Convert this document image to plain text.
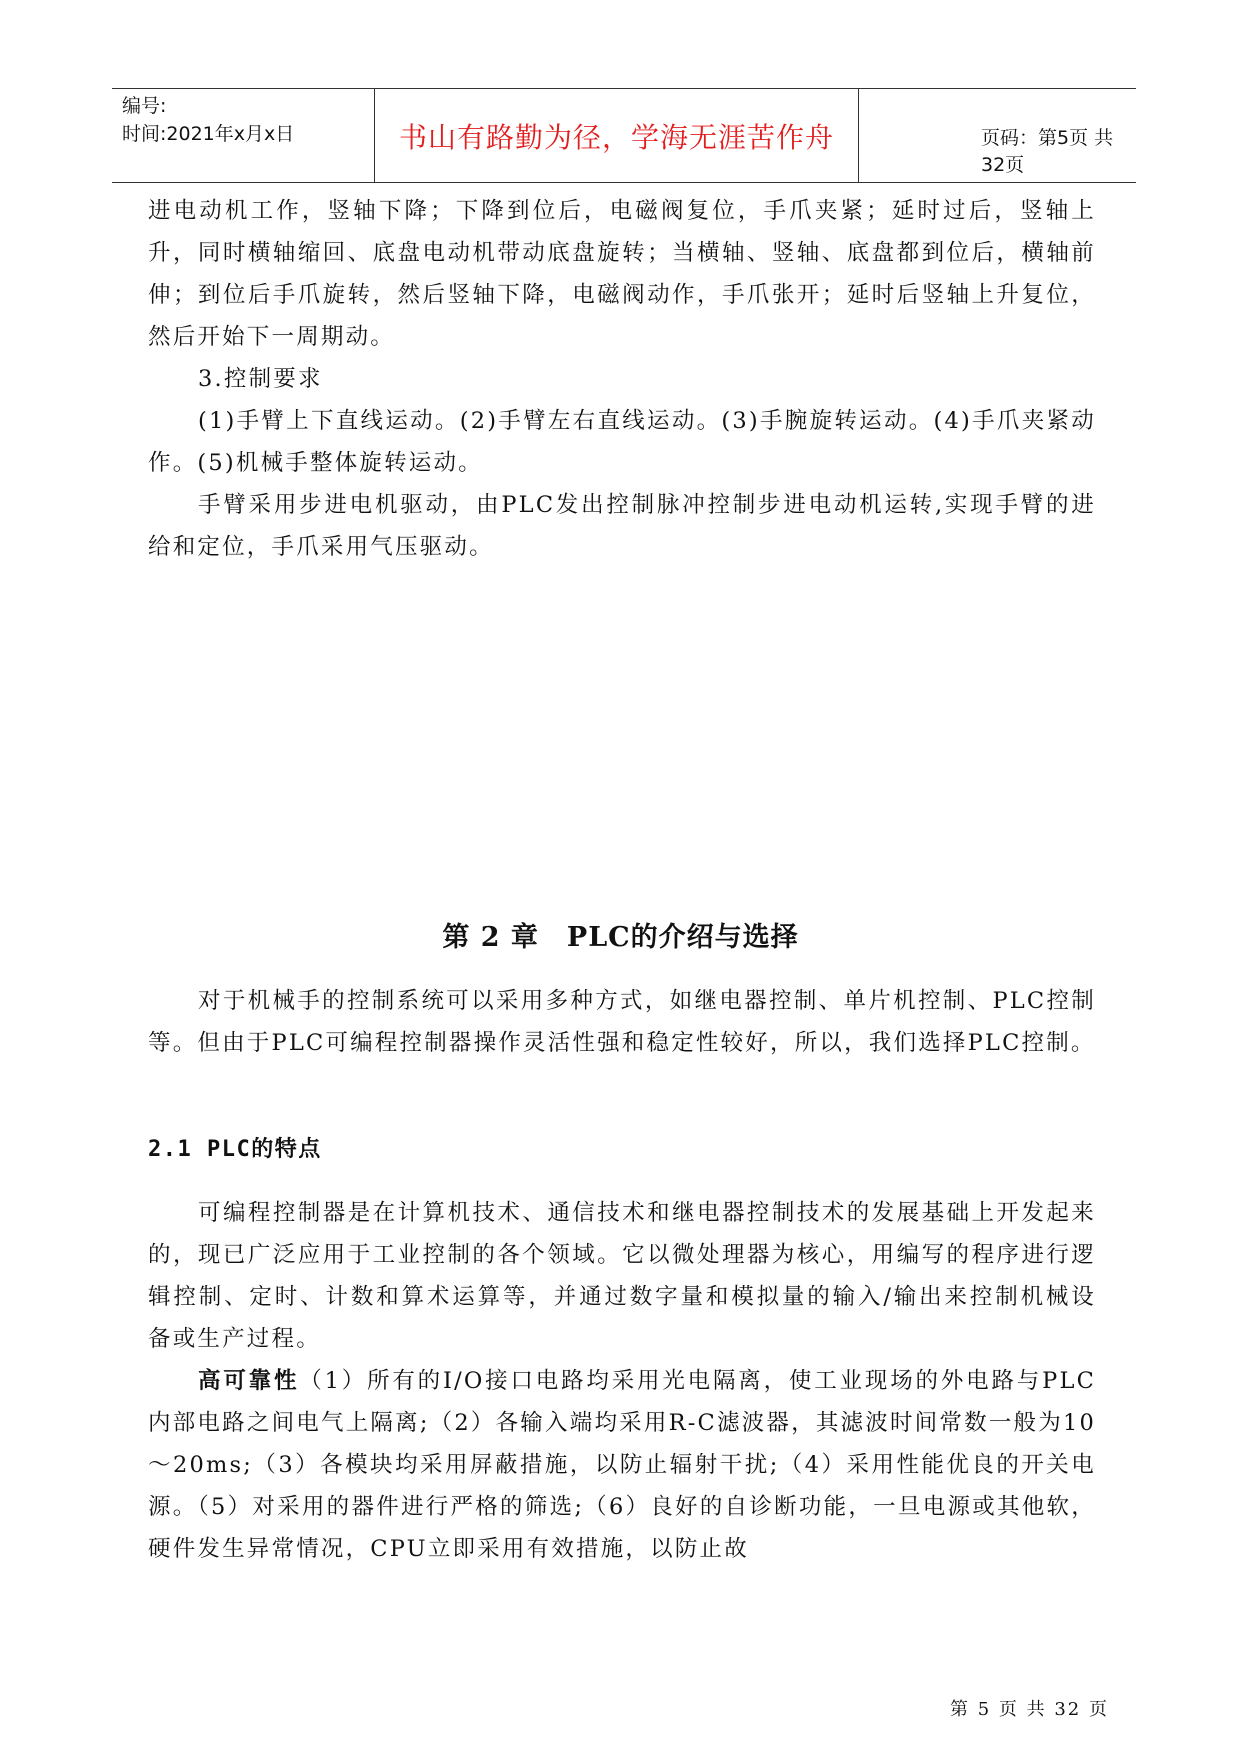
编号:
时间:2021年x月x日	书山有路勤为径，学海无涯苦作舟	页码：第5页 共32页

进电动机工作，竖轴下降；下降到位后，电磁阀复位，手爪夹紧；延时过后，竖轴上升，同时横轴缩回、底盘电动机带动底盘旋转；当横轴、竖轴、底盘都到位后，横轴前伸；到位后手爪旋转，然后竖轴下降，电磁阀动作，手爪张开；延时后竖轴上升复位，然后开始下一周期动。

3.控制要求

(1)手臂上下直线运动。(2)手臂左右直线运动。(3)手腕旋转运动。(4)手爪夹紧动作。(5)机械手整体旋转运动。

手臂采用步进电机驱动，由PLC发出控制脉冲控制步进电动机运转,实现手臂的进给和定位，手爪采用气压驱动。

第 2 章　PLC的介绍与选择

对于机械手的控制系统可以采用多种方式，如继电器控制、单片机控制、PLC控制等。但由于PLC可编程控制器操作灵活性强和稳定性较好，所以，我们选择PLC控制。

2.1 PLC的特点

可编程控制器是在计算机技术、通信技术和继电器控制技术的发展基础上开发起来的，现已广泛应用于工业控制的各个领域。它以微处理器为核心，用编写的程序进行逻辑控制、定时、计数和算术运算等，并通过数字量和模拟量的输入/输出来控制机械设备或生产过程。

高可靠性（1）所有的I/O接口电路均采用光电隔离，使工业现场的外电路与PLC内部电路之间电气上隔离;（2）各输入端均采用R-C滤波器，其滤波时间常数一般为10～20ms;（3）各模块均采用屏蔽措施，以防止辐射干扰;（4）采用性能优良的开关电源。（5）对采用的器件进行严格的筛选;（6）良好的自诊断功能，一旦电源或其他软，硬件发生异常情况，CPU立即采用有效措施，以防止故

第 5 页 共 32 页
